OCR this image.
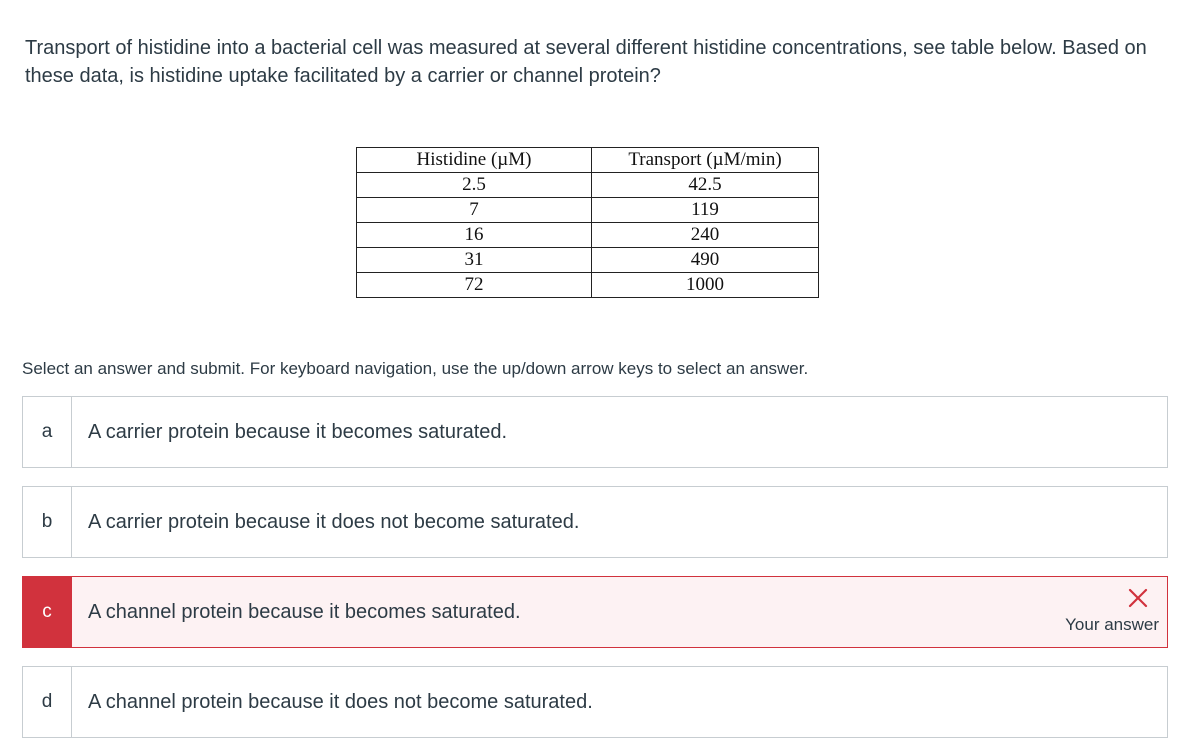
Transport of histidine into a bacterial cell was measured at several different histidine concentrations, see table below. Based on these data, is histidine uptake facilitated by a carrier or channel protein?
Histidine (µM)	Transport (µM/min)
2.5	42.5
7	119
16	240
31	490
72	1000
Select an answer and submit. For keyboard navigation, use the up/down arrow keys to select an answer.
a	A carrier protein because it becomes saturated.
b	A carrier protein because it does not become saturated.
c	A channel protein because it becomes saturated.
Your answer
d	A channel protein because it does not become saturated.
